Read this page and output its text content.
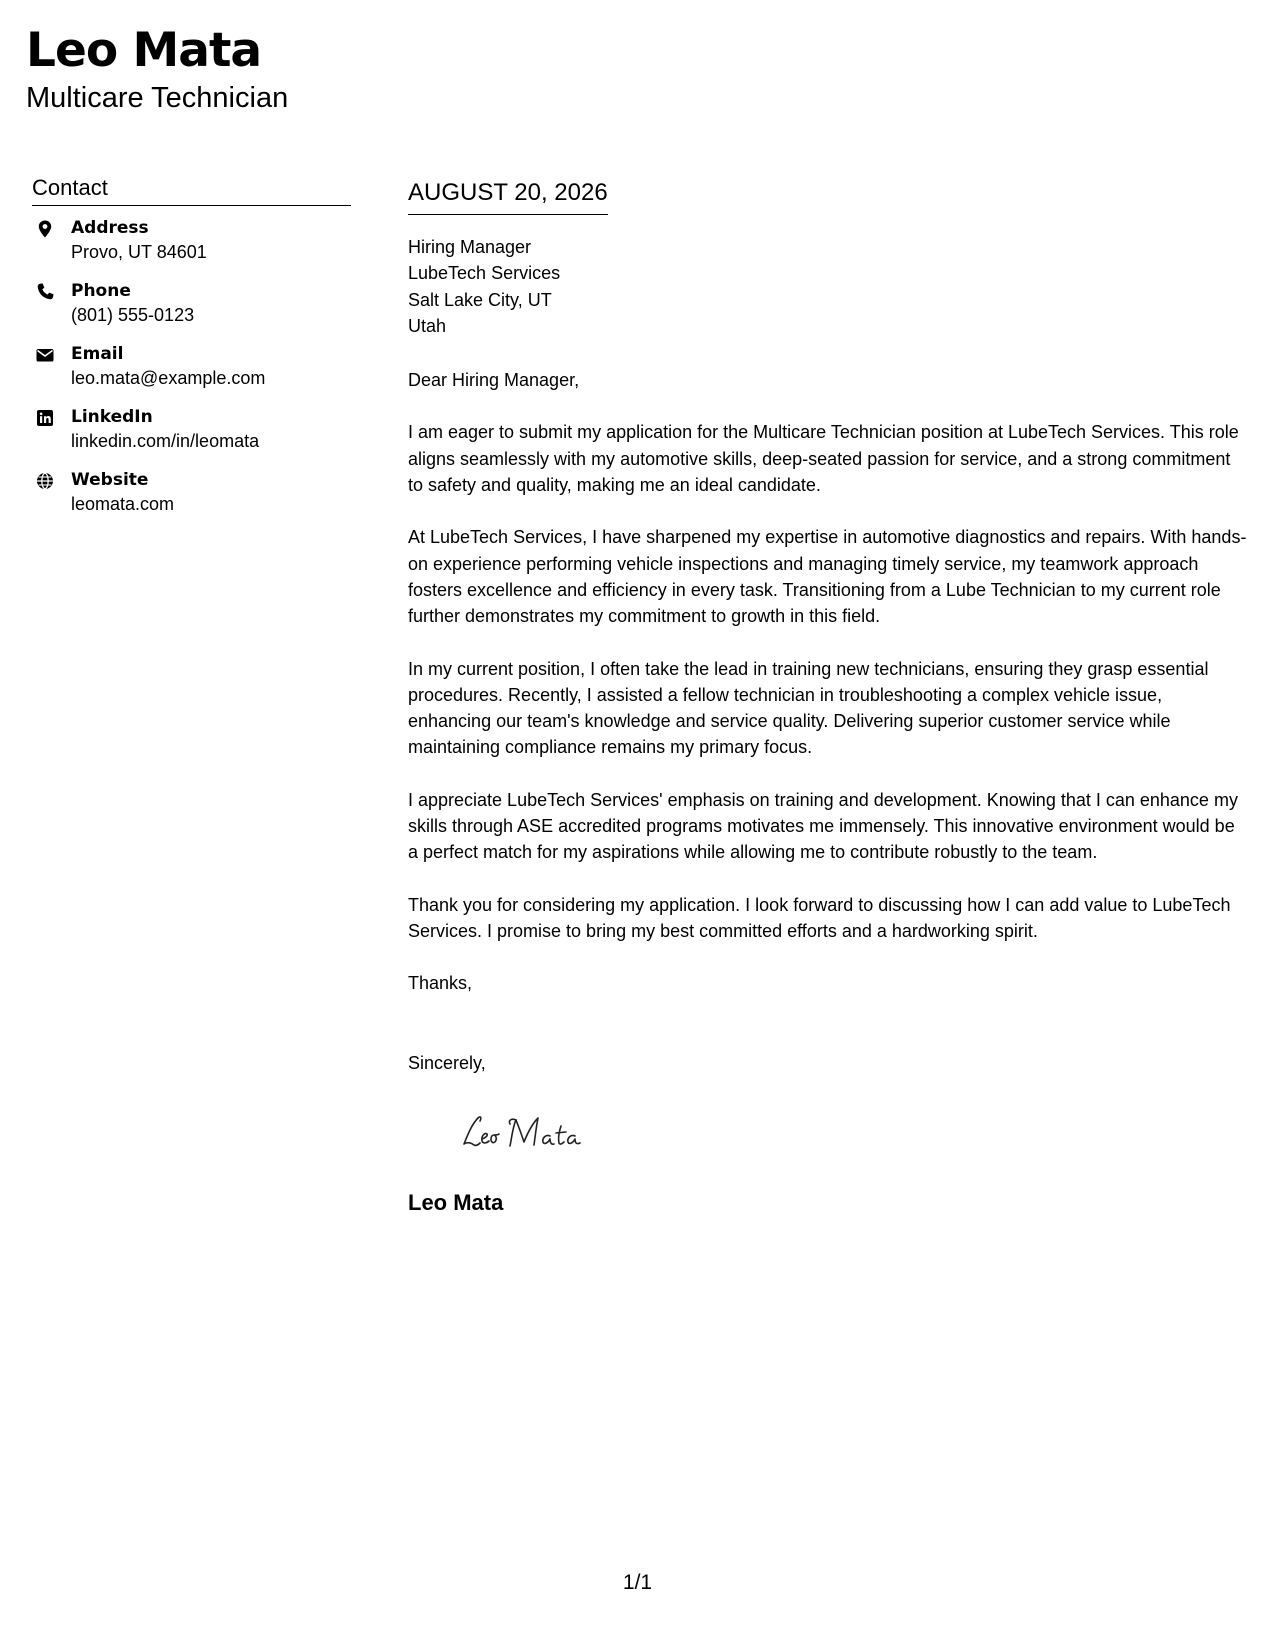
Leo Mata
Multicare Technician
Contact
Address
Provo, UT 84601
Phone
(801) 555-0123
Email
leo.mata@example.com
LinkedIn
linkedin.com/in/leomata
Website
leomata.com
AUGUST 20, 2026
Hiring Manager
LubeTech Services
Salt Lake City, UT
Utah

Dear Hiring Manager,

I am eager to submit my application for the Multicare Technician position at LubeTech Services. This role aligns seamlessly with my automotive skills, deep-seated passion for service, and a strong commitment to safety and quality, making me an ideal candidate.

At LubeTech Services, I have sharpened my expertise in automotive diagnostics and repairs. With hands-on experience performing vehicle inspections and managing timely service, my teamwork approach fosters excellence and efficiency in every task. Transitioning from a Lube Technician to my current role further demonstrates my commitment to growth in this field.

In my current position, I often take the lead in training new technicians, ensuring they grasp essential procedures. Recently, I assisted a fellow technician in troubleshooting a complex vehicle issue, enhancing our team's knowledge and service quality. Delivering superior customer service while maintaining compliance remains my primary focus.

I appreciate LubeTech Services' emphasis on training and development. Knowing that I can enhance my skills through ASE accredited programs motivates me immensely. This innovative environment would be a perfect match for my aspirations while allowing me to contribute robustly to the team.

Thank you for considering my application. I look forward to discussing how I can add value to LubeTech Services. I promise to bring my best committed efforts and a hardworking spirit.

Thanks,

Sincerely,

Leo Mata
1/1
